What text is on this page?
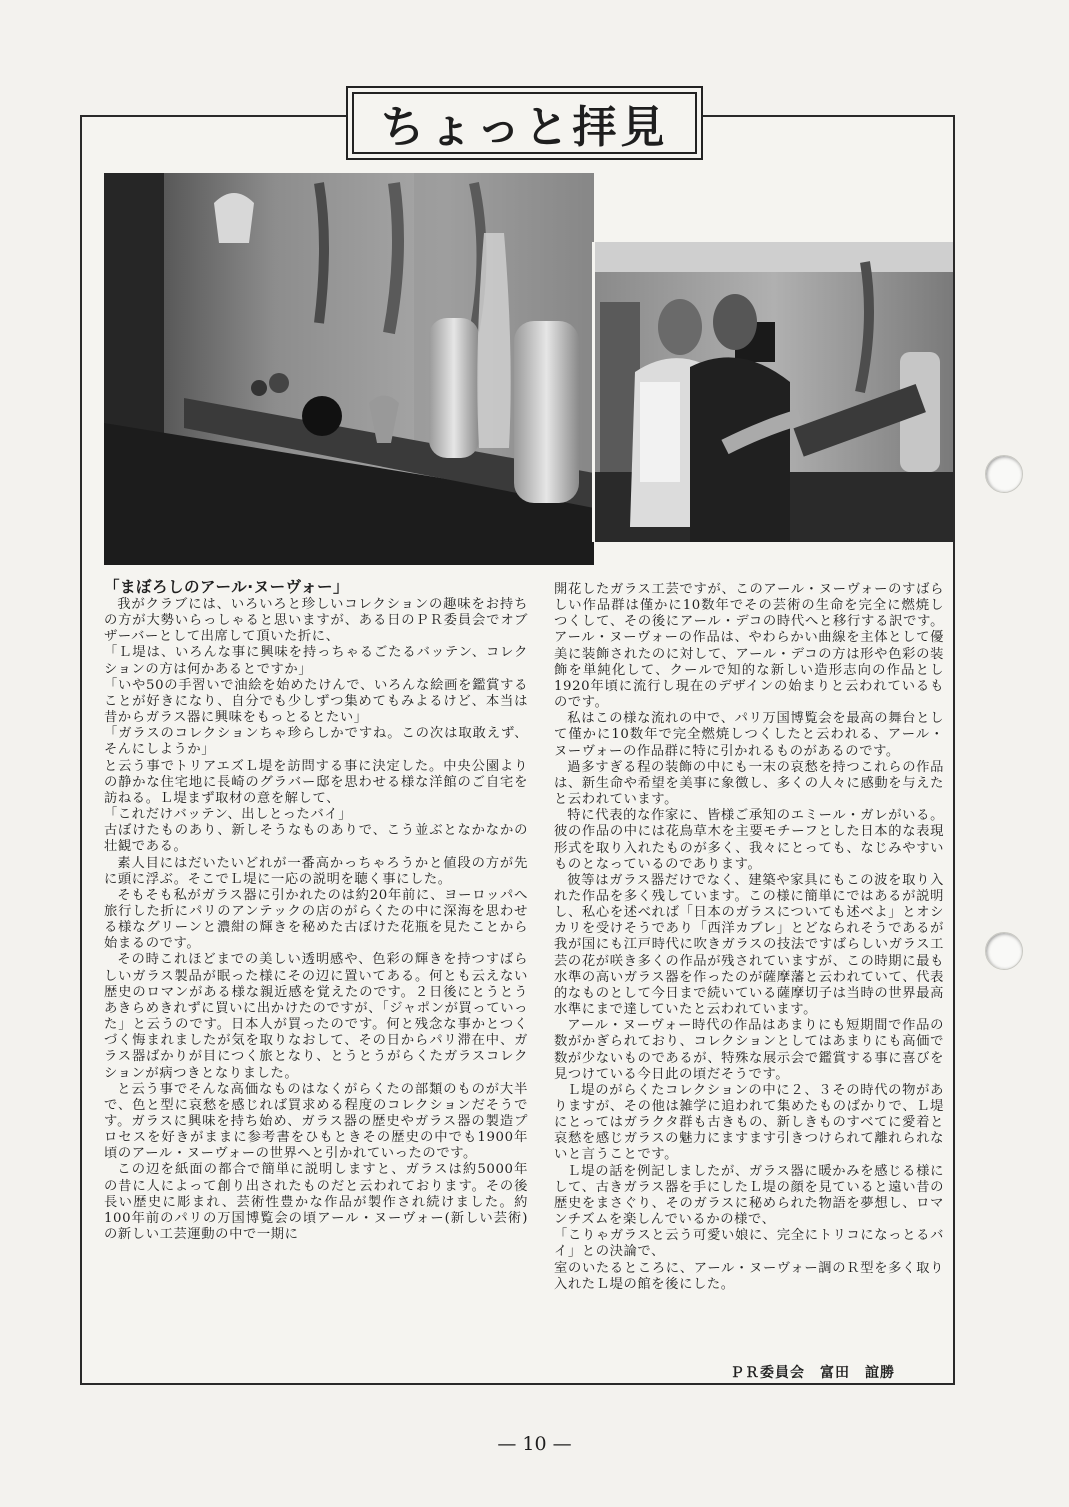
ちょっと拝見
「まぼろしのアール·ヌーヴォー」

我がクラブには、いろいろと珍しいコレクションの趣味をお持ちの方が大勢いらっしゃると思いますが、ある日のＰＲ委員会でオブザーバーとして出席して頂いた折に、

「Ｌ堤は、いろんな事に興味を持っちゃるごたるバッテン、コレクションの方は何かあるとですか」

「いや50の手習いで油絵を始めたけんで、いろんな絵画を鑑賞することが好きになり、自分でも少しずつ集めてもみよるけど、本当は昔からガラス器に興味をもっとるとたい」

「ガラスのコレクションちゃ珍らしかですね。この次は取敢えず、そんにしようか」

と云う事でトリアエズＬ堤を訪問する事に決定した。中央公園よりの静かな住宅地に長崎のグラバー邸を思わせる様な洋館のご自宅を訪ねる。Ｌ堤まず取材の意を解して、

「これだけバッテン、出しとったバイ」

古ぼけたものあり、新しそうなものありで、こう並ぶとなかなかの壮観である。

素人目にはだいたいどれが一番高かっちゃろうかと値段の方が先に頭に浮ぶ。そこでＬ堤に一応の説明を聴く事にした。

そもそも私がガラス器に引かれたのは約20年前に、ヨーロッパへ旅行した折にパリのアンテックの店のがらくたの中に深海を思わせる様なグリーンと濃紺の輝きを秘めた古ぼけた花瓶を見たことから始まるのです。

その時これほどまでの美しい透明感や、色彩の輝きを持つすばらしいガラス製品が眠った様にその辺に置いてある。何とも云えない歴史のロマンがある様な親近感を覚えたのです。２日後にとうとうあきらめきれずに買いに出かけたのですが、「ジャポンが買っていった」と云うのです。日本人が買ったのです。何と残念な事かとつくづく悔まれましたが気を取りなおして、その日からパリ滞在中、ガラス器ばかりが目につく旅となり、とうとうがらくたガラスコレクションが病つきとなりました。

と云う事でそんな高価なものはなくがらくたの部類のものが大半で、色と型に哀愁を感じれば買求める程度のコレクションだそうです。ガラスに興味を持ち始め、ガラス器の歴史やガラス器の製造プロセスを好きがままに参考書をひもときその歴史の中でも1900年頃のアール・ヌーヴォーの世界へと引かれていったのです。

この辺を紙面の都合で簡単に説明しますと、ガラスは約5000年の昔に人によって創り出されたものだと云われております。その後長い歴史に彫まれ、芸術性豊かな作品が製作され続けました。約100年前のパリの万国博覧会の頃アール・ヌーヴォー(新しい芸術)の新しい工芸運動の中で一期に

開花したガラス工芸ですが、このアール・ヌーヴォーのすばらしい作品群は僅かに10数年でその芸術の生命を完全に燃焼しつくして、その後にアール・デコの時代へと移行する訳です。アール・ヌーヴォーの作品は、やわらかい曲線を主体として優美に装飾されたのに対して、アール・デコの方は形や色彩の装飾を単純化して、クールで知的な新しい造形志向の作品とし1920年頃に流行し現在のデザインの始まりと云われているものです。

私はこの様な流れの中で、パリ万国博覧会を最高の舞台として僅かに10数年で完全燃焼しつくしたと云われる、アール・ヌーヴォーの作品群に特に引かれるものがあるのです。

過多すぎる程の装飾の中にも一末の哀愁を持つこれらの作品は、新生命や希望を美事に象徴し、多くの人々に感動を与えたと云われています。

特に代表的な作家に、皆様ご承知のエミール・ガレがいる。彼の作品の中には花鳥草木を主要モチーフとした日本的な表現形式を取り入れたものが多く、我々にとっても、なじみやすいものとなっているのであります。

彼等はガラス器だけでなく、建築や家具にもこの波を取り入れた作品を多く残しています。この様に簡単にではあるが説明し、私心を述べれば「日本のガラスについても述べよ」とオシカリを受けそうであり「西洋カブレ」とどなられそうであるが我が国にも江戸時代に吹きガラスの技法ですばらしいガラス工芸の花が咲き多くの作品が残されていますが、この時期に最も水準の高いガラス器を作ったのが薩摩藩と云われていて、代表的なものとして今日まで続いている薩摩切子は当時の世界最高水準にまで達していたと云われています。

アール・ヌーヴォー時代の作品はあまりにも短期間で作品の数がかぎられており、コレクションとしてはあまりにも高価で数が少ないものであるが、特殊な展示会で鑑賞する事に喜びを見つけている今日此の頃だそうです。

Ｌ堤のがらくたコレクションの中に２、３その時代の物がありますが、その他は雑学に追われて集めたものばかりで、Ｌ堤にとってはガラクタ群も古きもの、新しきものすべてに愛着と哀愁を感じガラスの魅力にますます引きつけられて離れられないと言うことです。

Ｌ堤の話を例記しましたが、ガラス器に暖かみを感じる様にして、古きガラス器を手にしたＬ堤の顔を見ていると遠い昔の歴史をまさぐり、そのガラスに秘められた物語を夢想し、ロマンチズムを楽しんでいるかの様で、

「こりゃガラスと云う可愛い娘に、完全にトリコになっとるバイ」との決論で、

室のいたるところに、アール・ヌーヴォー調のＲ型を多く取り入れたＬ堤の館を後にした。

ＰＲ委員会　富田　誼勝
— 10 —
